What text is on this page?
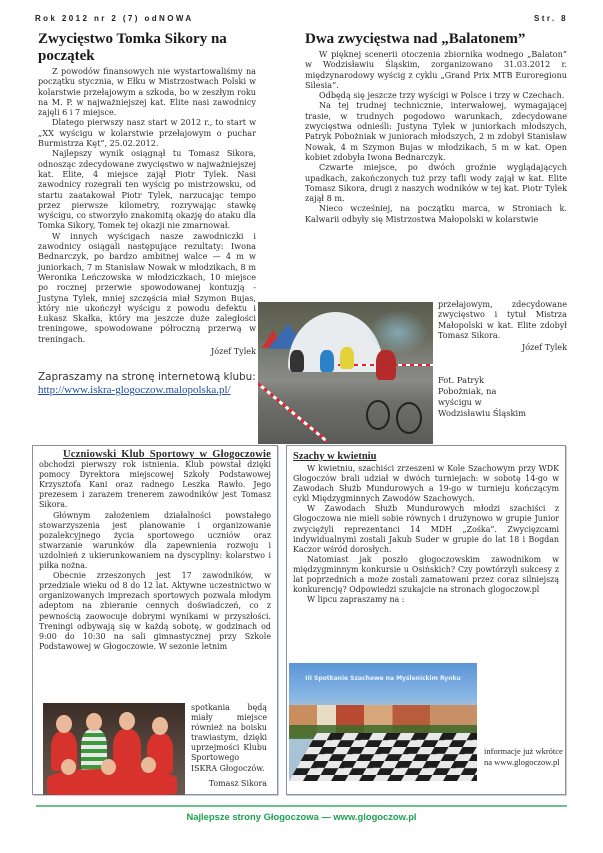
Rok 2012 nr 2 (7) odNOWA	Str. 8
Zwycięstwo Tomka Sikory na początek

Z powodów finansowych nie wystartowaliśmy na początku stycznia, w Ełku w Mistrzostwach Polski w kolarstwie przełajowym a szkoda, bo w zeszłym roku na M. P. w najważniejszej kat. Elite nasi zawodnicy zajęli 6 i 7 miejsce.

Dlatego pierwszy nasz start w 2012 r., to start w „XX wyścigu w kolarstwie przełajowym o puchar Burmistrza Kęt”, 25.02.2012.

Najlepszy wynik osiągnął tu Tomasz Sikora, odnosząc zdecydowane zwycięstwo w najważniejszej kat. Elite, 4 miejsce zajął Piotr Tylek. Nasi zawodnicy rozegrali ten wyścig po mistrzowsku, od startu zaatakował Piotr Tylek, narzucając tempo przez pierwsze kilometry, rozrywając stawkę wyścigu, co stworzyło znakomitą okazję do ataku dla Tomka Sikory, Tomek tej okazji nie zmarnował.

W innych wyścigach nasze zawodniczki i zawodnicy osiągali następujące rezultaty: Iwona Bednarczyk, po bardzo ambitnej walce — 4 m w juniorkach, 7 m Stanisław Nowak w młodzikach, 8 m Weronika Leńczowska w młodziczkach, 10 miejsce po rocznej przerwie spowodowanej kontuzją - Justyna Tylek, mniej szczęścia miał Szymon Bujas, który nie ukończył wyścigu z powodu defektu i Łukasz Skałka, który ma jeszcze duże zaległości treningowe, spowodowane półroczną przerwą w treningach.

Józef Tylek
Zapraszamy na stronę internetową klubu:
http://www.iskra-glogoczow.malopolska.pl/
Dwa zwycięstwa nad „Balatonem”

W pięknej scenerii otoczenia zbiornika wodnego „Balaton” w Wodzisławiu Śląskim, zorganizowano 31.03.2012 r. międzynarodowy wyścig z cyklu „Grand Prix MTB Euroregionu Silesia”.

Odbędą się jeszcze trzy wyścigi w Polsce i trzy w Czechach.

Na tej trudnej technicznie, interwałowej, wymagającej trasie, w trudnych pogodowo warunkach, zdecydowane zwycięstwa odnieśli: Justyna Tylek w juniorkach młodszych, Patryk Pobożniak w juniorach młodszych, 2 m zdobył Stanisław Nowak, 4 m Szymon Bujas w młodzikach, 5 m w kat. Open kobiet zdobyła Iwona Bednarczyk.

Czwarte miejsce, po dwóch groźnie wyglądających upadkach, zakończonych tuż przy tafli wody zajął w kat. Elite Tomasz Sikora, drugi z naszych wodników w tej kat. Piotr Tylek zajął 8 m.

Nieco wcześniej, na początku marca, w Stroniach k. Kalwarii odbyły się Mistrzostwa Małopolski w kolarstwie

przełajowym, zdecydowane zwycięstwo i tytuł Mistrza Małopolski w kat. Elite zdobył Tomasz Sikora.
Józef Tylek
Fot. Patryk Pobożniak, na wyścigu w Wodzisławiu Śląskim
Uczniowski Klub Sportowy w Głogoczowie obchodzi pierwszy rok istnienia. Klub powstał dzięki pomocy Dyrektora miejscowej Szkoły Podstawowej Krzysztofa Kani oraz radnego Leszka Rawło. Jego prezesem i zarazem trenerem zawodników jest Tomasz Sikora.

Głównym założeniem działalności powstałego stowarzyszenia jest planowanie i organizowanie pozalekcyjnego życia sportowego uczniów oraz stwarzanie warunków dla zapewnienia rozwoju i uzdolnień z ukierunkowaniem na dyscypliny: kolarstwo i piłka nożna.

Obecnie zrzeszonych jest 17 zawodników, w przedziale wieku od 8 do 12 lat. Aktywne uczestnictwo w organizowanych imprezach sportowych pozwala młodym adeptom na zbieranie cennych doświadczeń, co z pewnością zaowocuje dobrymi wynikami w przyszłości. Treningi odbywają się w każdą sobotę, w godzinach od 9:00 do 10:30 na sali gimnastycznej przy Szkole Podstawowej w Głogoczowie. W sezonie letnim

spotkania będą miały miejsce również na boisku trawiastym, dzięki uprzejmości Klubu Sportowego ISKRA Głogoczów.
Tomasz Sikora
Szachy w kwietniu

W kwietniu, szachiści zrzeszeni w Kole Szachowym przy WDK Głogoczów brali udział w dwóch turniejach: w sobotę 14-go w Zawodach Służb Mundurowych a 19-go w turnieju kończącym cykl Międzygminnych Zawodów Szachowych.

W Zawodach Służb Mundurowych młodzi szachiści z Głogoczowa nie mieli sobie równych i drużynowo w grupie Junior zwyciężyli reprezentanci 14 MDH „Zośka”. Zwycięzcami indywidualnymi zostali Jakub Suder w grupie do lat 18 i Bogdan Kaczor wśród dorosłych.

Natomiast jak poszło głogoczowskim zawodnikom w międzygminnym konkursie u Osińskich? Czy powtórzyli sukcesy z lat poprzednich a może zostali zamatowani przez coraz silniejszą konkurencję? Odpowiedzi szukajcie na stronach glogoczow.pl

W lipcu zapraszamy na :

III Spotkanie Szachowe na Myślenickim Rynku
informacje już wkrótce na www.glogoczow.pl
Najlepsze strony Głogoczowa — www.glogoczow.pl
